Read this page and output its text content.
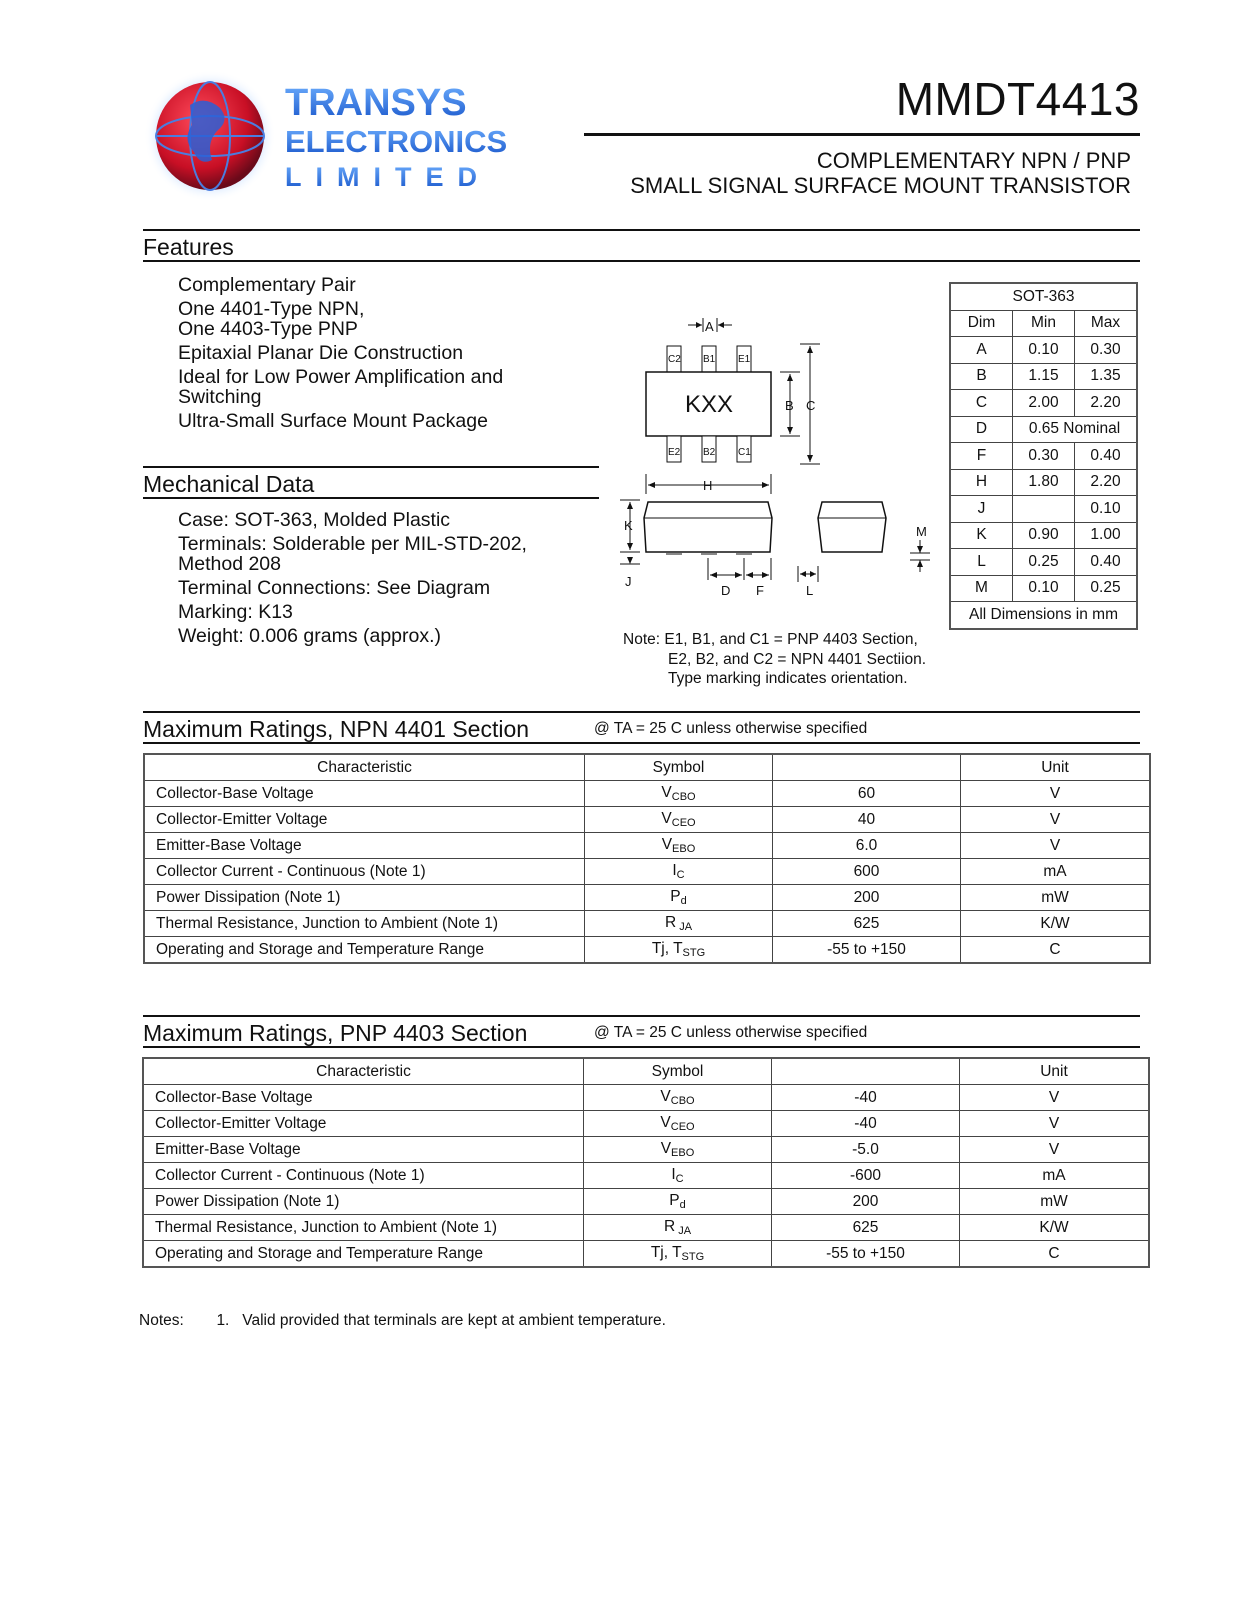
TRANSYS
ELECTRONICS
LIMITED
MMDT4413
COMPLEMENTARY NPN / PNP
SMALL SIGNAL SURFACE MOUNT TRANSISTOR
Features
Complementary Pair
One 4401-Type NPN,
One 4403-Type PNP
Epitaxial Planar Die Construction
Ideal for Low Power Amplification and
Switching
Ultra-Small Surface Mount Package
Mechanical Data
Case: SOT-363, Molded Plastic
Terminals: Solderable per MIL-STD-202,
Method 208
Terminal Connections: See Diagram
Marking: K13
Weight: 0.006 grams (approx.)
A
C2 B1 E1
KXX
E2 B2 C1
B C
H
K
J
D F	L
M
Note: E1, B1, and C1 = PNP 4403 Section,
E2, B2, and C2 = NPN 4401 Sectiion.
Type marking indicates orientation.
SOT-363		
Dim	Min	Max
A	0.10	0.30
B	1.15	1.35
C	2.00	2.20
D	0.65 Nominal	
F	0.30	0.40
H	1.80	2.20
J		0.10
K	0.90	1.00
L	0.25	0.40
M	0.10	0.25
All Dimensions in mm		
Maximum Ratings, NPN 4401 Section	@ TA = 25 C unless otherwise specified
Characteristic	Symbol		Unit
Collector-Base Voltage	$V_{CBO}$	60	V
Collector-Emitter Voltage	$V_{CEO}$	40	V
Emitter-Base Voltage	$V_{EBO}$	6.0	V
Collector Current - Continuous (Note 1)	$I_C$	600	mA
Power Dissipation (Note 1)	$P_d$	200	mW
Thermal Resistance, Junction to Ambient (Note 1)	R $_{JA}$	625	K/W
Operating and Storage and Temperature Range	Tj, $T_{STG}$	-55 to +150	C
Maximum Ratings, PNP 4403 Section	@ TA = 25 C unless otherwise specified
Characteristic	Symbol		Unit
Collector-Base Voltage	$V_{CBO}$	-40	V
Collector-Emitter Voltage	$V_{CEO}$	-40	V
Emitter-Base Voltage	$V_{EBO}$	-5.0	V
Collector Current - Continuous (Note 1)	$I_C$	-600	mA
Power Dissipation (Note 1)	$P_d$	200	mW
Thermal Resistance, Junction to Ambient (Note 1)	R $_{JA}$	625	K/W
Operating and Storage and Temperature Range	Tj, $T_{STG}$	-55 to +150	C
Notes: 1.   Valid provided that terminals are kept at ambient temperature.
